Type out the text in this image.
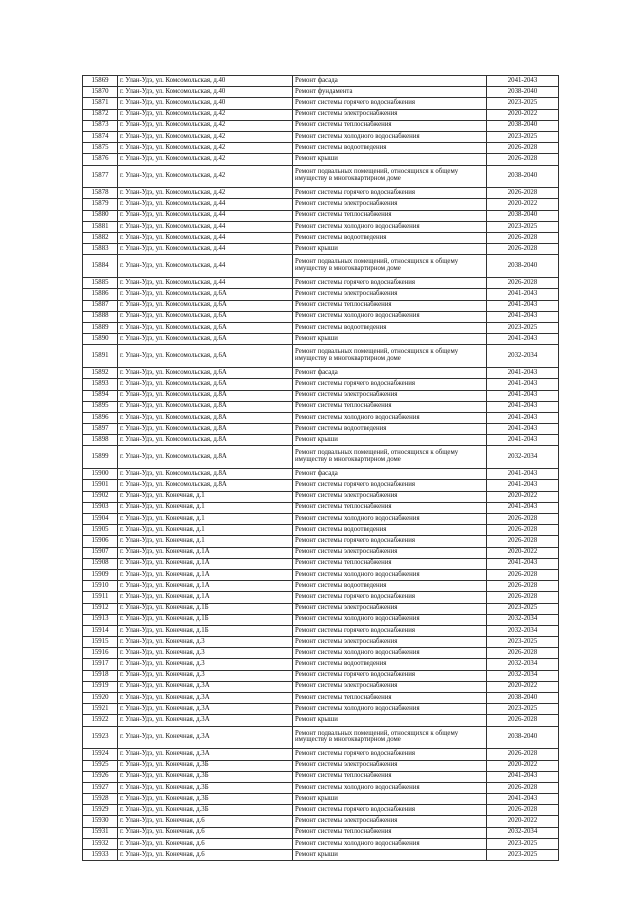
15869	г. Улан-Удэ, ул. Комсомольская, д.40	Ремонт фасада	2041-2043
15870	г. Улан-Удэ, ул. Комсомольская, д.40	Ремонт фундамента	2038-2040
15871	г. Улан-Удэ, ул. Комсомольская, д.40	Ремонт системы горячего водоснабжения	2023-2025
15872	г. Улан-Удэ, ул. Комсомольская, д.42	Ремонт системы электроснабжения	2020-2022
15873	г. Улан-Удэ, ул. Комсомольская, д.42	Ремонт системы теплоснабжения	2038-2040
15874	г. Улан-Удэ, ул. Комсомольская, д.42	Ремонт системы холодного водоснабжения	2023-2025
15875	г. Улан-Удэ, ул. Комсомольская, д.42	Ремонт системы водоотведения	2026-2028
15876	г. Улан-Удэ, ул. Комсомольская, д.42	Ремонт крыши	2026-2028
15877	г. Улан-Удэ, ул. Комсомольская, д.42	Ремонт подвальных помещений, относящихся к общему имуществу в многоквартирном доме	2038-2040
15878	г. Улан-Удэ, ул. Комсомольская, д.42	Ремонт системы горячего водоснабжения	2026-2028
15879	г. Улан-Удэ, ул. Комсомольская, д.44	Ремонт системы электроснабжения	2020-2022
15880	г. Улан-Удэ, ул. Комсомольская, д.44	Ремонт системы теплоснабжения	2038-2040
15881	г. Улан-Удэ, ул. Комсомольская, д.44	Ремонт системы холодного водоснабжения	2023-2025
15882	г. Улан-Удэ, ул. Комсомольская, д.44	Ремонт системы водоотведения	2026-2028
15883	г. Улан-Удэ, ул. Комсомольская, д.44	Ремонт крыши	2026-2028
15884	г. Улан-Удэ, ул. Комсомольская, д.44	Ремонт подвальных помещений, относящихся к общему имуществу в многоквартирном доме	2038-2040
15885	г. Улан-Удэ, ул. Комсомольская, д.44	Ремонт системы горячего водоснабжения	2026-2028
15886	г. Улан-Удэ, ул. Комсомольская, д.6А	Ремонт системы электроснабжения	2041-2043
15887	г. Улан-Удэ, ул. Комсомольская, д.6А	Ремонт системы теплоснабжения	2041-2043
15888	г. Улан-Удэ, ул. Комсомольская, д.6А	Ремонт системы холодного водоснабжения	2041-2043
15889	г. Улан-Удэ, ул. Комсомольская, д.6А	Ремонт системы водоотведения	2023-2025
15890	г. Улан-Удэ, ул. Комсомольская, д.6А	Ремонт крыши	2041-2043
15891	г. Улан-Удэ, ул. Комсомольская, д.6А	Ремонт подвальных помещений, относящихся к общему имуществу в многоквартирном доме	2032-2034
15892	г. Улан-Удэ, ул. Комсомольская, д.6А	Ремонт фасада	2041-2043
15893	г. Улан-Удэ, ул. Комсомольская, д.6А	Ремонт системы горячего водоснабжения	2041-2043
15894	г. Улан-Удэ, ул. Комсомольская, д.8А	Ремонт системы электроснабжения	2041-2043
15895	г. Улан-Удэ, ул. Комсомольская, д.8А	Ремонт системы теплоснабжения	2041-2043
15896	г. Улан-Удэ, ул. Комсомольская, д.8А	Ремонт системы холодного водоснабжения	2041-2043
15897	г. Улан-Удэ, ул. Комсомольская, д.8А	Ремонт системы водоотведения	2041-2043
15898	г. Улан-Удэ, ул. Комсомольская, д.8А	Ремонт крыши	2041-2043
15899	г. Улан-Удэ, ул. Комсомольская, д.8А	Ремонт подвальных помещений, относящихся к общему имуществу в многоквартирном доме	2032-2034
15900	г. Улан-Удэ, ул. Комсомольская, д.8А	Ремонт фасада	2041-2043
15901	г. Улан-Удэ, ул. Комсомольская, д.8А	Ремонт системы горячего водоснабжения	2041-2043
15902	г. Улан-Удэ, ул. Конечная, д.1	Ремонт системы электроснабжения	2020-2022
15903	г. Улан-Удэ, ул. Конечная, д.1	Ремонт системы теплоснабжения	2041-2043
15904	г. Улан-Удэ, ул. Конечная, д.1	Ремонт системы холодного водоснабжения	2026-2028
15905	г. Улан-Удэ, ул. Конечная, д.1	Ремонт системы водоотведения	2026-2028
15906	г. Улан-Удэ, ул. Конечная, д.1	Ремонт системы горячего водоснабжения	2026-2028
15907	г. Улан-Удэ, ул. Конечная, д.1А	Ремонт системы электроснабжения	2020-2022
15908	г. Улан-Удэ, ул. Конечная, д.1А	Ремонт системы теплоснабжения	2041-2043
15909	г. Улан-Удэ, ул. Конечная, д.1А	Ремонт системы холодного водоснабжения	2026-2028
15910	г. Улан-Удэ, ул. Конечная, д.1А	Ремонт системы водоотведения	2026-2028
15911	г. Улан-Удэ, ул. Конечная, д.1А	Ремонт системы горячего водоснабжения	2026-2028
15912	г. Улан-Удэ, ул. Конечная, д.1Б	Ремонт системы электроснабжения	2023-2025
15913	г. Улан-Удэ, ул. Конечная, д.1Б	Ремонт системы холодного водоснабжения	2032-2034
15914	г. Улан-Удэ, ул. Конечная, д.1Б	Ремонт системы горячего водоснабжения	2032-2034
15915	г. Улан-Удэ, ул. Конечная, д.3	Ремонт системы электроснабжения	2023-2025
15916	г. Улан-Удэ, ул. Конечная, д.3	Ремонт системы холодного водоснабжения	2026-2028
15917	г. Улан-Удэ, ул. Конечная, д.3	Ремонт системы водоотведения	2032-2034
15918	г. Улан-Удэ, ул. Конечная, д.3	Ремонт системы горячего водоснабжения	2032-2034
15919	г. Улан-Удэ, ул. Конечная, д.3А	Ремонт системы электроснабжения	2020-2022
15920	г. Улан-Удэ, ул. Конечная, д.3А	Ремонт системы теплоснабжения	2038-2040
15921	г. Улан-Удэ, ул. Конечная, д.3А	Ремонт системы холодного водоснабжения	2023-2025
15922	г. Улан-Удэ, ул. Конечная, д.3А	Ремонт крыши	2026-2028
15923	г. Улан-Удэ, ул. Конечная, д.3А	Ремонт подвальных помещений, относящихся к общему имуществу в многоквартирном доме	2038-2040
15924	г. Улан-Удэ, ул. Конечная, д.3А	Ремонт системы горячего водоснабжения	2026-2028
15925	г. Улан-Удэ, ул. Конечная, д.3Б	Ремонт системы электроснабжения	2020-2022
15926	г. Улан-Удэ, ул. Конечная, д.3Б	Ремонт системы теплоснабжения	2041-2043
15927	г. Улан-Удэ, ул. Конечная, д.3Б	Ремонт системы холодного водоснабжения	2026-2028
15928	г. Улан-Удэ, ул. Конечная, д.3Б	Ремонт крыши	2041-2043
15929	г. Улан-Удэ, ул. Конечная, д.3Б	Ремонт системы горячего водоснабжения	2026-2028
15930	г. Улан-Удэ, ул. Конечная, д.6	Ремонт системы электроснабжения	2020-2022
15931	г. Улан-Удэ, ул. Конечная, д.6	Ремонт системы теплоснабжения	2032-2034
15932	г. Улан-Удэ, ул. Конечная, д.6	Ремонт системы холодного водоснабжения	2023-2025
15933	г. Улан-Удэ, ул. Конечная, д.6	Ремонт крыши	2023-2025
